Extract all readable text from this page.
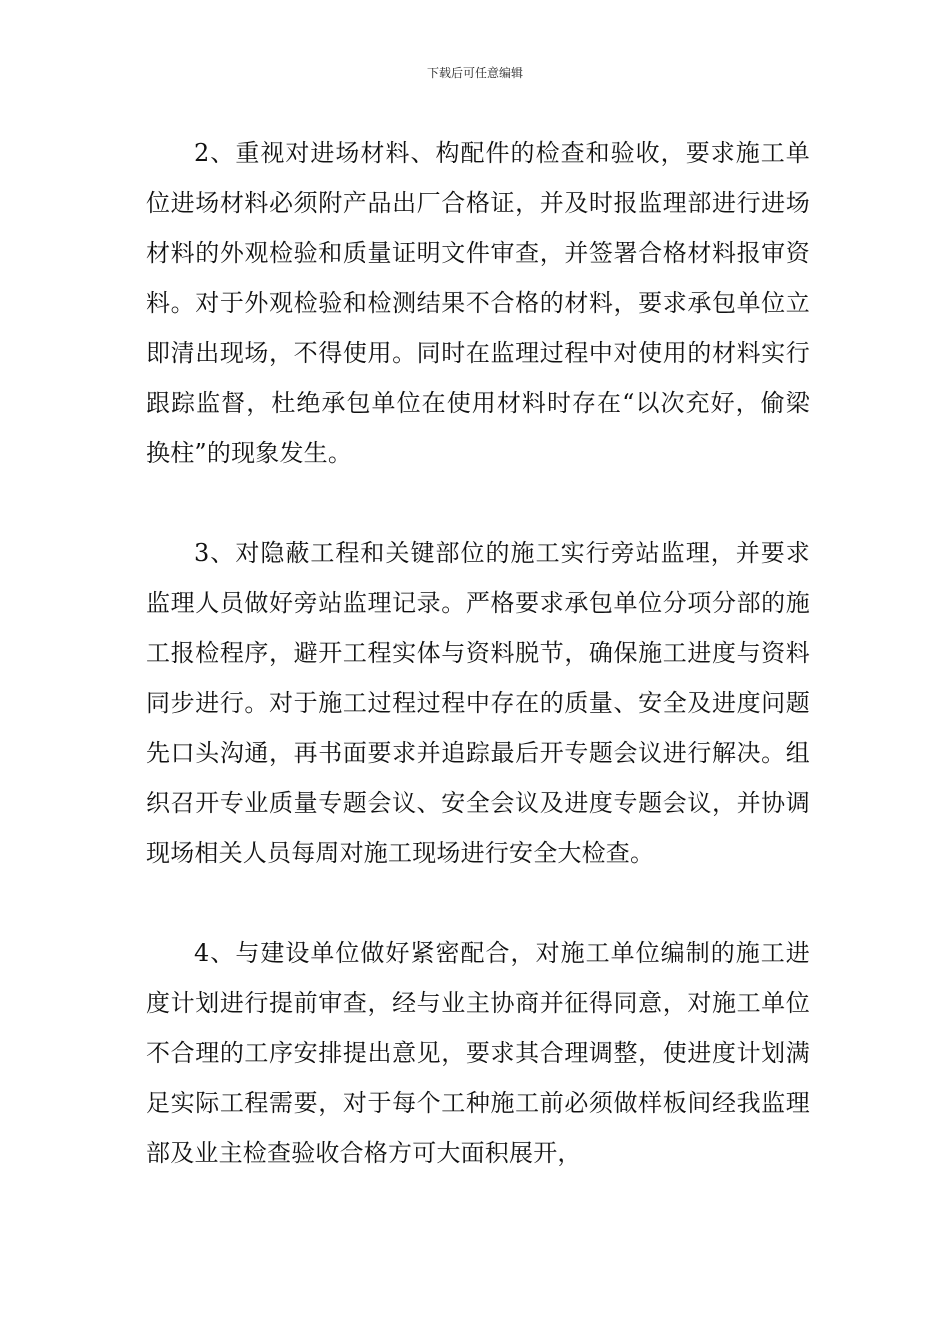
下载后可任意编辑

2、重视对进场材料、构配件的检查和验收，要求施工单位进场材料必须附产品出厂合格证，并及时报监理部进行进场材料的外观检验和质量证明文件审查，并签署合格材料报审资料。对于外观检验和检测结果不合格的材料，要求承包单位立即清出现场，不得使用。同时在监理过程中对使用的材料实行跟踪监督，杜绝承包单位在使用材料时存在“以次充好，偷梁换柱”的现象发生。

3、对隐蔽工程和关键部位的施工实行旁站监理，并要求监理人员做好旁站监理记录。严格要求承包单位分项分部的施工报检程序，避开工程实体与资料脱节，确保施工进度与资料同步进行。对于施工过程过程中存在的质量、安全及进度问题先口头沟通，再书面要求并追踪最后开专题会议进行解决。组织召开专业质量专题会议、安全会议及进度专题会议，并协调现场相关人员每周对施工现场进行安全大检查。

4、与建设单位做好紧密配合，对施工单位编制的施工进度计划进行提前审查，经与业主协商并征得同意，对施工单位不合理的工序安排提出意见，要求其合理调整，使进度计划满足实际工程需要，对于每个工种施工前必须做样板间经我监理部及业主检查验收合格方可大面积展开，
